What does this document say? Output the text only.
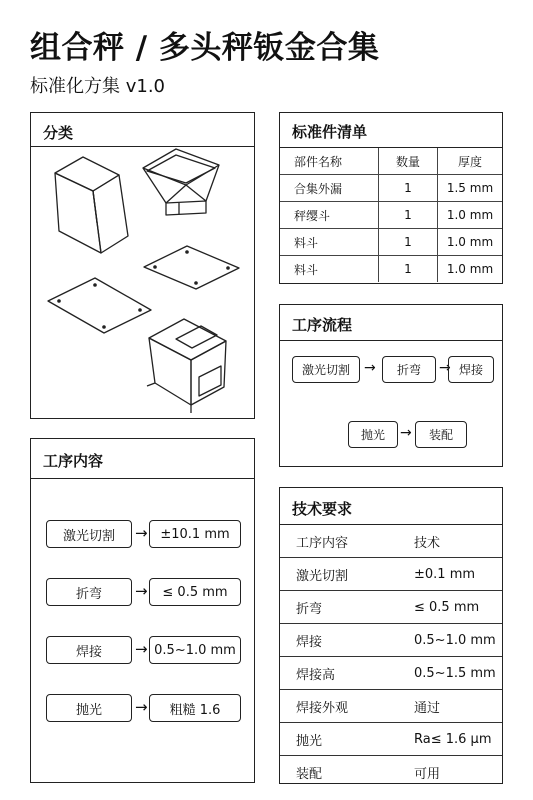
组合秤 / 多头秤钣金合集
标准化方集 v1.0
分类	标准件清单
部件名称	数量	厚度
合集外漏	1	1.5 mm
秤缨斗	1	1.0 mm
料斗	1	1.0 mm
料斗	1	1.0 mm
工序流程
激光切割	→	折弯	→ 焊接
抛光	→	装配
工序内容
激光切割	→ ±10.1 mm
折弯	→	≤ 0.5 mm
焊接	→ 0.5~1.0 mm
抛光	→	粗糙 1.6
技术要求
工序内容	技术
激光切割	±0.1 mm
折弯	≤ 0.5 mm
焊接	0.5~1.0 mm
焊接高	0.5~1.5 mm
焊接外观	通过
抛光	Ra≤ 1.6 μm
装配	可用
